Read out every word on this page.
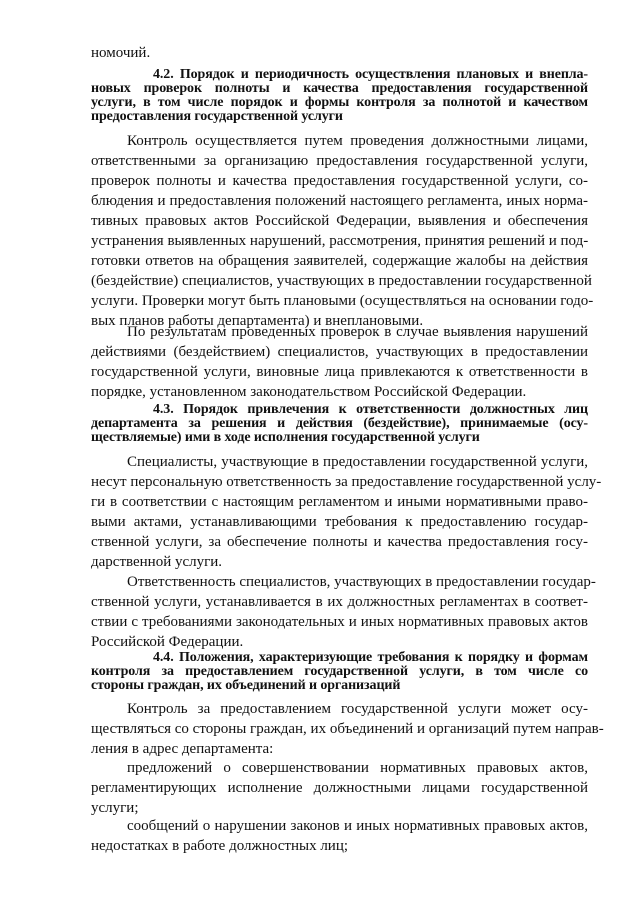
номочий.
4.2. Порядок и периодичность осуществления плановых и внепла-
новых проверок полноты и качества предоставления государственной
услуги, в том числе порядок и формы контроля за полнотой и качеством
предоставления государственной услуги
Контроль осуществляется путем проведения должностными лицами,
ответственными за организацию предоставления государственной услуги,
проверок полноты и качества предоставления государственной услуги, со-
блюдения и предоставления положений настоящего регламента, иных норма-
тивных правовых актов Российской Федерации, выявления и обеспечения
устранения выявленных нарушений, рассмотрения, принятия решений и под-
готовки ответов на обращения заявителей, содержащие жалобы на действия
(бездействие) специалистов, участвующих в предоставлении государственной
услуги. Проверки могут быть плановыми (осуществляться на основании годо-
вых планов работы департамента) и внеплановыми.
По результатам проведенных проверок в случае выявления нарушений
действиями (бездействием) специалистов, участвующих в предоставлении
государственной услуги, виновные лица привлекаются к ответственности в
порядке, установленном законодательством Российской Федерации.
4.3. Порядок привлечения к ответственности должностных лиц
департамента за решения и действия (бездействие), принимаемые (осу-
ществляемые) ими в ходе исполнения государственной услуги
Специалисты, участвующие в предоставлении государственной услуги,
несут персональную ответственность за предоставление государственной услу-
ги в соответствии с настоящим регламентом и иными нормативными право-
выми актами, устанавливающими требования к предоставлению государ-
ственной услуги, за обеспечение полноты и качества предоставления госу-
дарственной услуги.
Ответственность специалистов, участвующих в предоставлении государ-
ственной услуги, устанавливается в их должностных регламентах в соответ-
ствии с требованиями законодательных и иных нормативных правовых актов
Российской Федерации.
4.4. Положения, характеризующие требования к порядку и формам
контроля за предоставлением государственной услуги, в том числе со
стороны граждан, их объединений и организаций
Контроль за предоставлением государственной услуги может осу-
ществляться со стороны граждан, их объединений и организаций путем направ-
ления в адрес департамента:
предложений о совершенствовании нормативных правовых актов,
регламентирующих исполнение должностными лицами государственной
услуги;
сообщений о нарушении законов и иных нормативных правовых актов,
недостатках в работе должностных лиц;
